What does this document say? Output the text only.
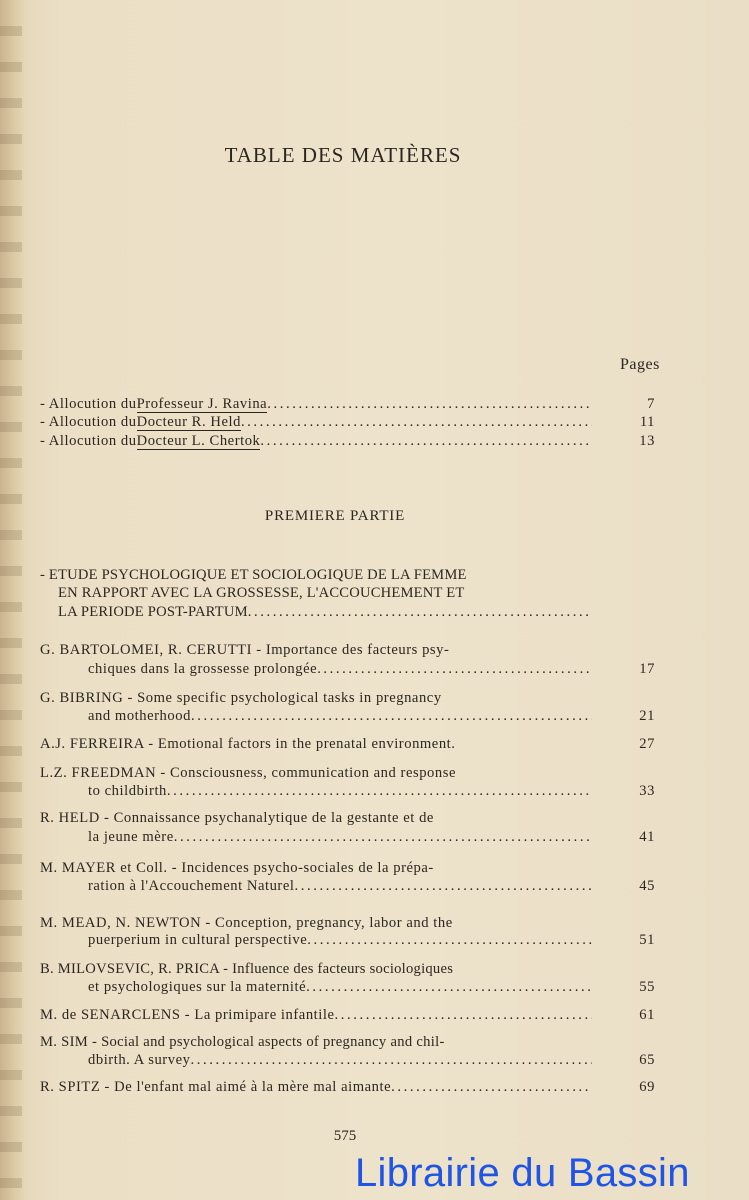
TABLE DES MATIÈRES
Pages
- Allocution du Professeur J. Ravina .....	7
- Allocution du Docteur R. Held .....	11
- Allocution du Docteur L. Chertok .....	13
PREMIERE PARTIE
- ETUDE PSYCHOLOGIQUE ET SOCIOLOGIQUE DE LA FEMME
EN RAPPORT AVEC LA GROSSESSE, L'ACCOUCHEMENT ET
LA PERIODE POST-PARTUM
.....
G. BARTOLOMEI, R. CERUTTI - Importance des facteurs psy-
chiques dans la grossesse prolongée .....	17
G. BIBRING - Some specific psychological tasks in pregnancy
and motherhood .....	21
A.J. FERREIRA - Emotional factors in the prenatal environment.	27
L.Z. FREEDMAN - Consciousness, communication and response
to childbirth .....	33
R. HELD - Connaissance psychanalytique de la gestante et de
la jeune mère .....	41
M. MAYER et Coll. - Incidences psycho-sociales de la prépa-
ration à l'Accouchement Naturel .....	45
M. MEAD, N. NEWTON - Conception, pregnancy, labor and the
puerperium in cultural perspective .....	51
B. MILOVSEVIC, R. PRICA - Influence des facteurs sociologiques
et psychologiques sur la maternité .....	55
M. de SENARCLENS - La primipare infantile .....	61
M. SIM - Social and psychological aspects of pregnancy and chil-
dbirth. A survey .....	65
R. SPITZ - De l'enfant mal aimé à la mère mal aimante .....	69
575
Librairie du Bassin
